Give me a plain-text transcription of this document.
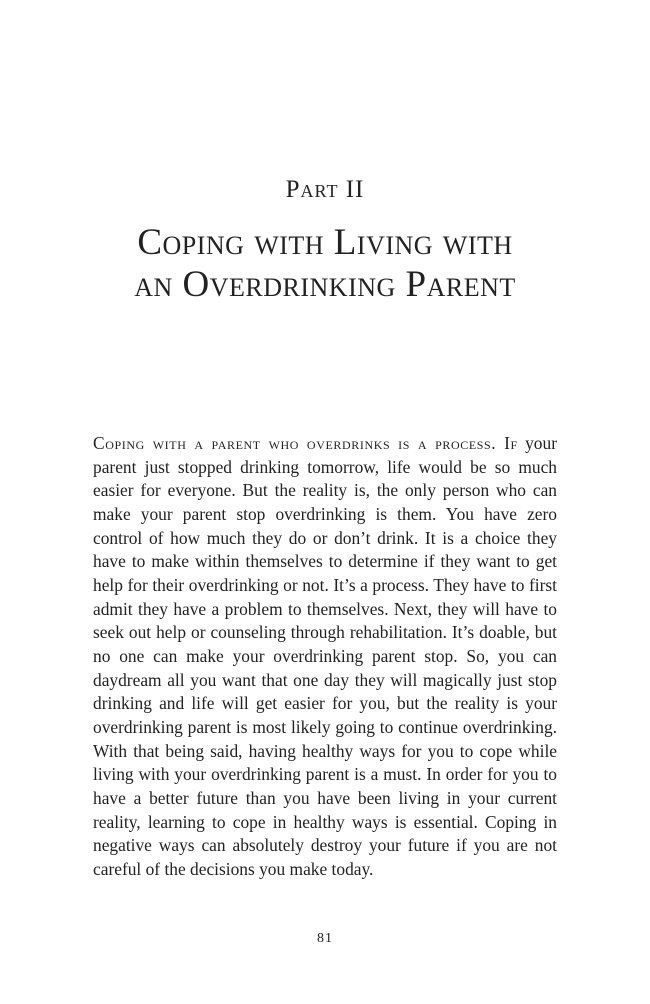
Part II
Coping with Living with
an Overdrinking Parent

Coping with a parent who overdrinks is a process. If your parent just stopped drinking tomorrow, life would be so much easier for everyone. But the reality is, the only person who can make your parent stop overdrinking is them. You have zero control of how much they do or don’t drink. It is a choice they have to make within themselves to determine if they want to get help for their overdrinking or not. It’s a process. They have to first admit they have a problem to themselves. Next, they will have to seek out help or counseling through rehabilitation. It’s doable, but no one can make your overdrinking parent stop. So, you can daydream all you want that one day they will magically just stop drinking and life will get easier for you, but the reality is your overdrinking parent is most likely going to continue overdrinking. With that being said, having healthy ways for you to cope while living with your overdrinking parent is a must. In order for you to have a better future than you have been living in your current reality, learning to cope in healthy ways is essential. Coping in negative ways can absolutely destroy your future if you are not careful of the decisions you make today.

81
